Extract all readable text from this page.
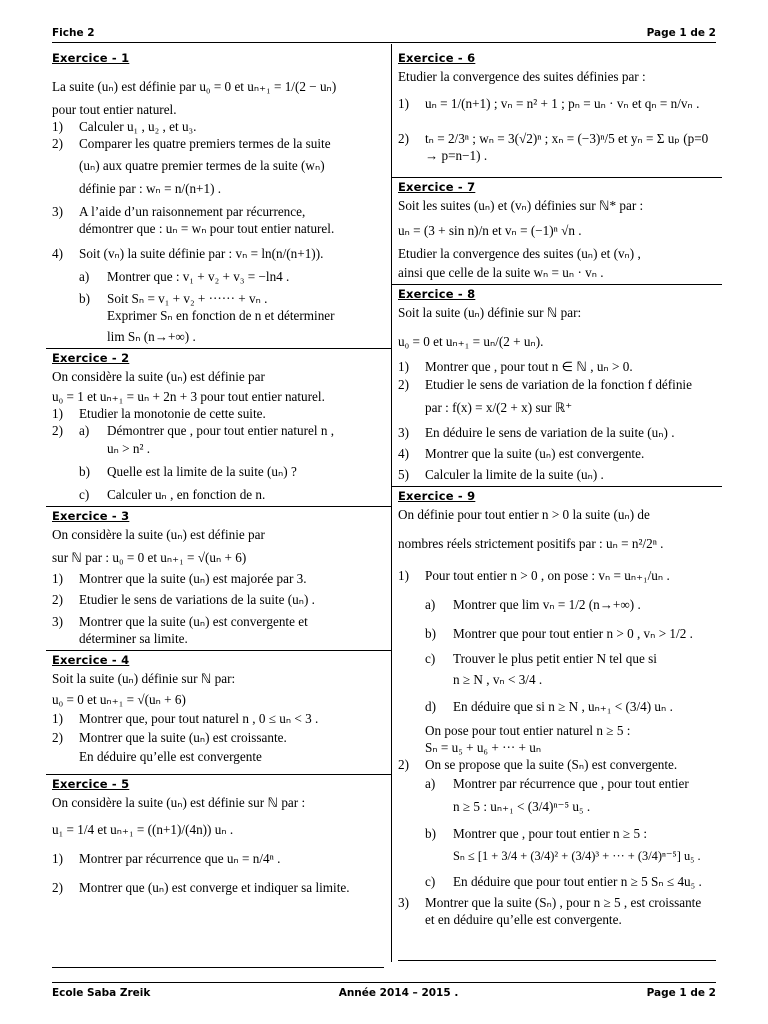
Fiche 2	Page 1 de 2
Exercice - 1

La suite (uₙ) est définie par u₀ = 0 et uₙ₊₁ = 1/(2 − uₙ)

pour tout entier naturel.

1)	Calculer u₁ , u₂ , et u₃.
2)	Comparer les quatre premiers termes de la suite
(uₙ) aux quatre premier termes de la suite (wₙ)
définie par : wₙ = n/(n+1) .
3)	A l’aide d’un raisonnement par récurrence,
démontrer que : uₙ = wₙ pour tout entier naturel.
4)	Soit (vₙ) la suite définie par : vₙ = ln(n/(n+1)).
a)	Montrer que : v₁ + v₂ + v₃ = −ln4 .
b)	Soit Sₙ = v₁ + v₂ + ······ + vₙ .
Exprimer Sₙ en fonction de n et déterminer
lim Sₙ (n→+∞) .
Exercice - 2

On considère la suite (uₙ) est définie par

u₀ = 1 et uₙ₊₁ = uₙ + 2n + 3 pour tout entier naturel.

1)	Etudier la monotonie de cette suite.
2)	a)	Démontrer que , pour tout entier naturel n ,
uₙ > n² .
b)	Quelle est la limite de la suite (uₙ) ?
c)	Calculer uₙ , en fonction de n.
Exercice - 3

On considère la suite (uₙ) est définie par

sur ℕ par : u₀ = 0 et uₙ₊₁ = √(uₙ + 6)

1)	Montrer que la suite (uₙ) est majorée par 3.
2)	Etudier le sens de variations de la suite (uₙ) .
3)	Montrer que la suite (uₙ) est convergente et
déterminer sa limite.
Exercice - 4

Soit la suite (uₙ) définie sur ℕ par:

u₀ = 0 et uₙ₊₁ = √(uₙ + 6)

1)	Montrer que, pour tout naturel n , 0 ≤ uₙ < 3 .
2)	Montrer que la suite (uₙ) est croissante.
En déduire qu’elle est convergente
Exercice - 5

On considère la suite (uₙ) est définie sur ℕ par :

u₁ = 1/4 et uₙ₊₁ = ((n+1)/(4n)) uₙ .

1)	Montrer par récurrence que uₙ = n/4ⁿ .
2)	Montrer que (uₙ) est converge et indiquer sa limite.
Exercice - 6

Etudier la convergence des suites définies par :

1)	uₙ = 1/(n+1) ; vₙ = n² + 1 ; pₙ = uₙ · vₙ et qₙ = n/vₙ .
2)	tₙ = 2/3ⁿ ; wₙ = 3(√2)ⁿ ; xₙ = (−3)ⁿ/5 et yₙ = Σ uₚ (p=0 → p=n−1) .
Exercice - 7

Soit les suites (uₙ) et (vₙ) définies sur ℕ* par :

uₙ = (3 + sin n)/n et vₙ = (−1)ⁿ √n .

Etudier la convergence des suites (uₙ) et (vₙ) ,

ainsi que celle de la suite wₙ = uₙ · vₙ .

Exercice - 8

Soit la suite (uₙ) définie sur ℕ par:

u₀ = 0 et uₙ₊₁ = uₙ/(2 + uₙ).

1)	Montrer que , pour tout n ∈ ℕ , uₙ > 0.
2)	Etudier le sens de variation de la fonction f définie
par : f(x) = x/(2 + x) sur ℝ⁺
3)	En déduire le sens de variation de la suite (uₙ) .
4)	Montrer que la suite (uₙ) est convergente.
5)	Calculer la limite de la suite (uₙ) .
Exercice - 9

On définie pour tout entier n > 0 la suite (uₙ) de

nombres réels strictement positifs par : uₙ = n²/2ⁿ .

1)	Pour tout entier n > 0 , on pose : vₙ = uₙ₊₁/uₙ .
a)	Montrer que lim vₙ = 1/2 (n→+∞) .
b)	Montrer que pour tout entier n > 0 , vₙ > 1/2 .
c)	Trouver le plus petit entier N tel que si
n ≥ N , vₙ < 3/4 .
d)	En déduire que si n ≥ N , uₙ₊₁ < (3/4) uₙ .
On pose pour tout entier naturel n ≥ 5 :
Sₙ = u₅ + u₆ + ··· + uₙ
2)	On se propose que la suite (Sₙ) est convergente.
a)	Montrer par récurrence que , pour tout entier
n ≥ 5 : uₙ₊₁ < (3/4)ⁿ⁻⁵ u₅ .
b)	Montrer que , pour tout entier n ≥ 5 :
Sₙ ≤ [1 + 3/4 + (3/4)² + (3/4)³ + ··· + (3/4)ⁿ⁻⁵] u₅ .
c)	En déduire que pour tout entier n ≥ 5 Sₙ ≤ 4u₅ .
3)	Montrer que la suite (Sₙ) , pour n ≥ 5 , est croissante
et en déduire qu’elle est convergente.
Ecole Saba Zreik	Année 2014 – 2015 .	Page 1 de 2
